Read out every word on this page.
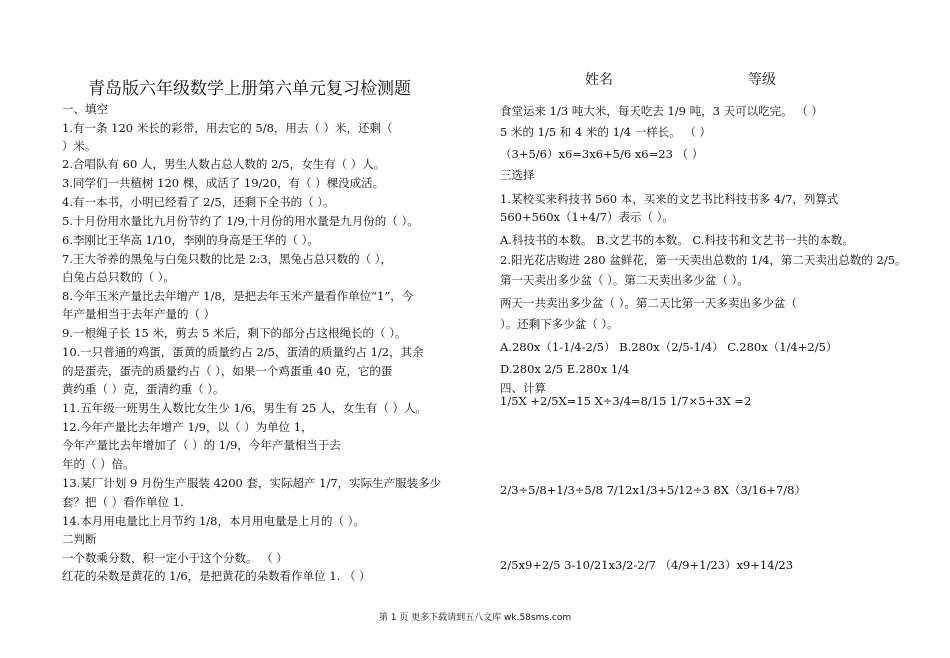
青岛版六年级数学上册第六单元复习检测题	姓名	等级
一、填空
1.有一条 120 米长的彩带，用去它的 5/8，用去（ ）米，还剩（
）米。
2.合唱队有 60 人，男生人数占总人数的 2/5，女生有（ ）人。
3.同学们一共植树 120 棵，成活了 19/20，有（ ）棵没成活。
4.有一本书，小明已经看了 2/5，还剩下全书的（ ）。
5.十月份用水量比九月份节约了 1/9,十月份的用水量是九月份的（ ）。
6.李刚比王华高 1/10，李刚的身高是王华的（ ）。
7.王大爷养的黑兔与白兔只数的比是 2:3，黑兔占总只数的（ ），
白兔占总只数的（ ）。
8.今年玉米产量比去年增产 1/8，是把去年玉米产量看作单位“1”，今
年产量相当于去年产量的（ ）
9.一根绳子长 15 米，剪去 5 米后，剩下的部分占这根绳长的（ ）。
10.一只普通的鸡蛋，蛋黄的质量约占 2/5，蛋清的质量约占 1/2，其余
的是蛋壳，蛋壳的质量约占（ ），如果一个鸡蛋重 40 克，它的蛋
黄约重（ ）克，蛋清约重（ ）。
11.五年级一班男生人数比女生少 1/6，男生有 25 人，女生有（ ）人。
12.今年产量比去年增产 1/9，以（ ）为单位 1，
今年产量比去年增加了（ ）的 1/9，今年产量相当于去
年的（ ）倍。
13.某厂计划 9 月份生产服装 4200 套，实际超产 1/7，实际生产服装多少
套？把（ ）看作单位 1.
14.本月用电量比上月节约 1/8，本月用电量是上月的（ ）。
二判断
一个数乘分数，积一定小于这个分数。 （ ）
红花的朵数是黄花的 1/6，是把黄花的朵数看作单位 1. （ ）
食堂运来 1/3 吨大米，每天吃去 1/9 吨，3 天可以吃完。 （ ）
5 米的 1/5 和 4 米的 1/4 一样长。 （ ）
（3+5/6）x6=3x6+5/6 x6=23 （ ）
三选择
1.某校买来科技书 560 本，买来的文艺书比科技书多 4/7，列算式
560+560x（1+4/7）表示（ ）。
A.科技书的本数。 B.文艺书的本数。 C.科技书和文艺书一共的本数。
2.阳光花店购进 280 盆鲜花，第一天卖出总数的 1/4，第二天卖出总数的 2/5。
第一天卖出多少盆（ ）。第二天卖出多少盆（ ）。
两天一共卖出多少盆（ ）。第二天比第一天多卖出多少盆（
）。还剩下多少盆（ ）。
A.280x（1-1/4-2/5） B.280x（2/5-1/4） C.280x（1/4+2/5）
D.280x 2/5 E.280x 1/4
四、计算
1/5X +2/5X=15 X÷3/4=8/15 1/7×5+3X =2
2/3÷5/8+1/3÷5/8 7/12x1/3+5/12÷3 8X（3/16+7/8）
2/5x9+2/5 3-10/21x3/2-2/7 （4/9+1/23）x9+14/23
第 1 页 更多下载请到五八文库 wk.58sms.com
